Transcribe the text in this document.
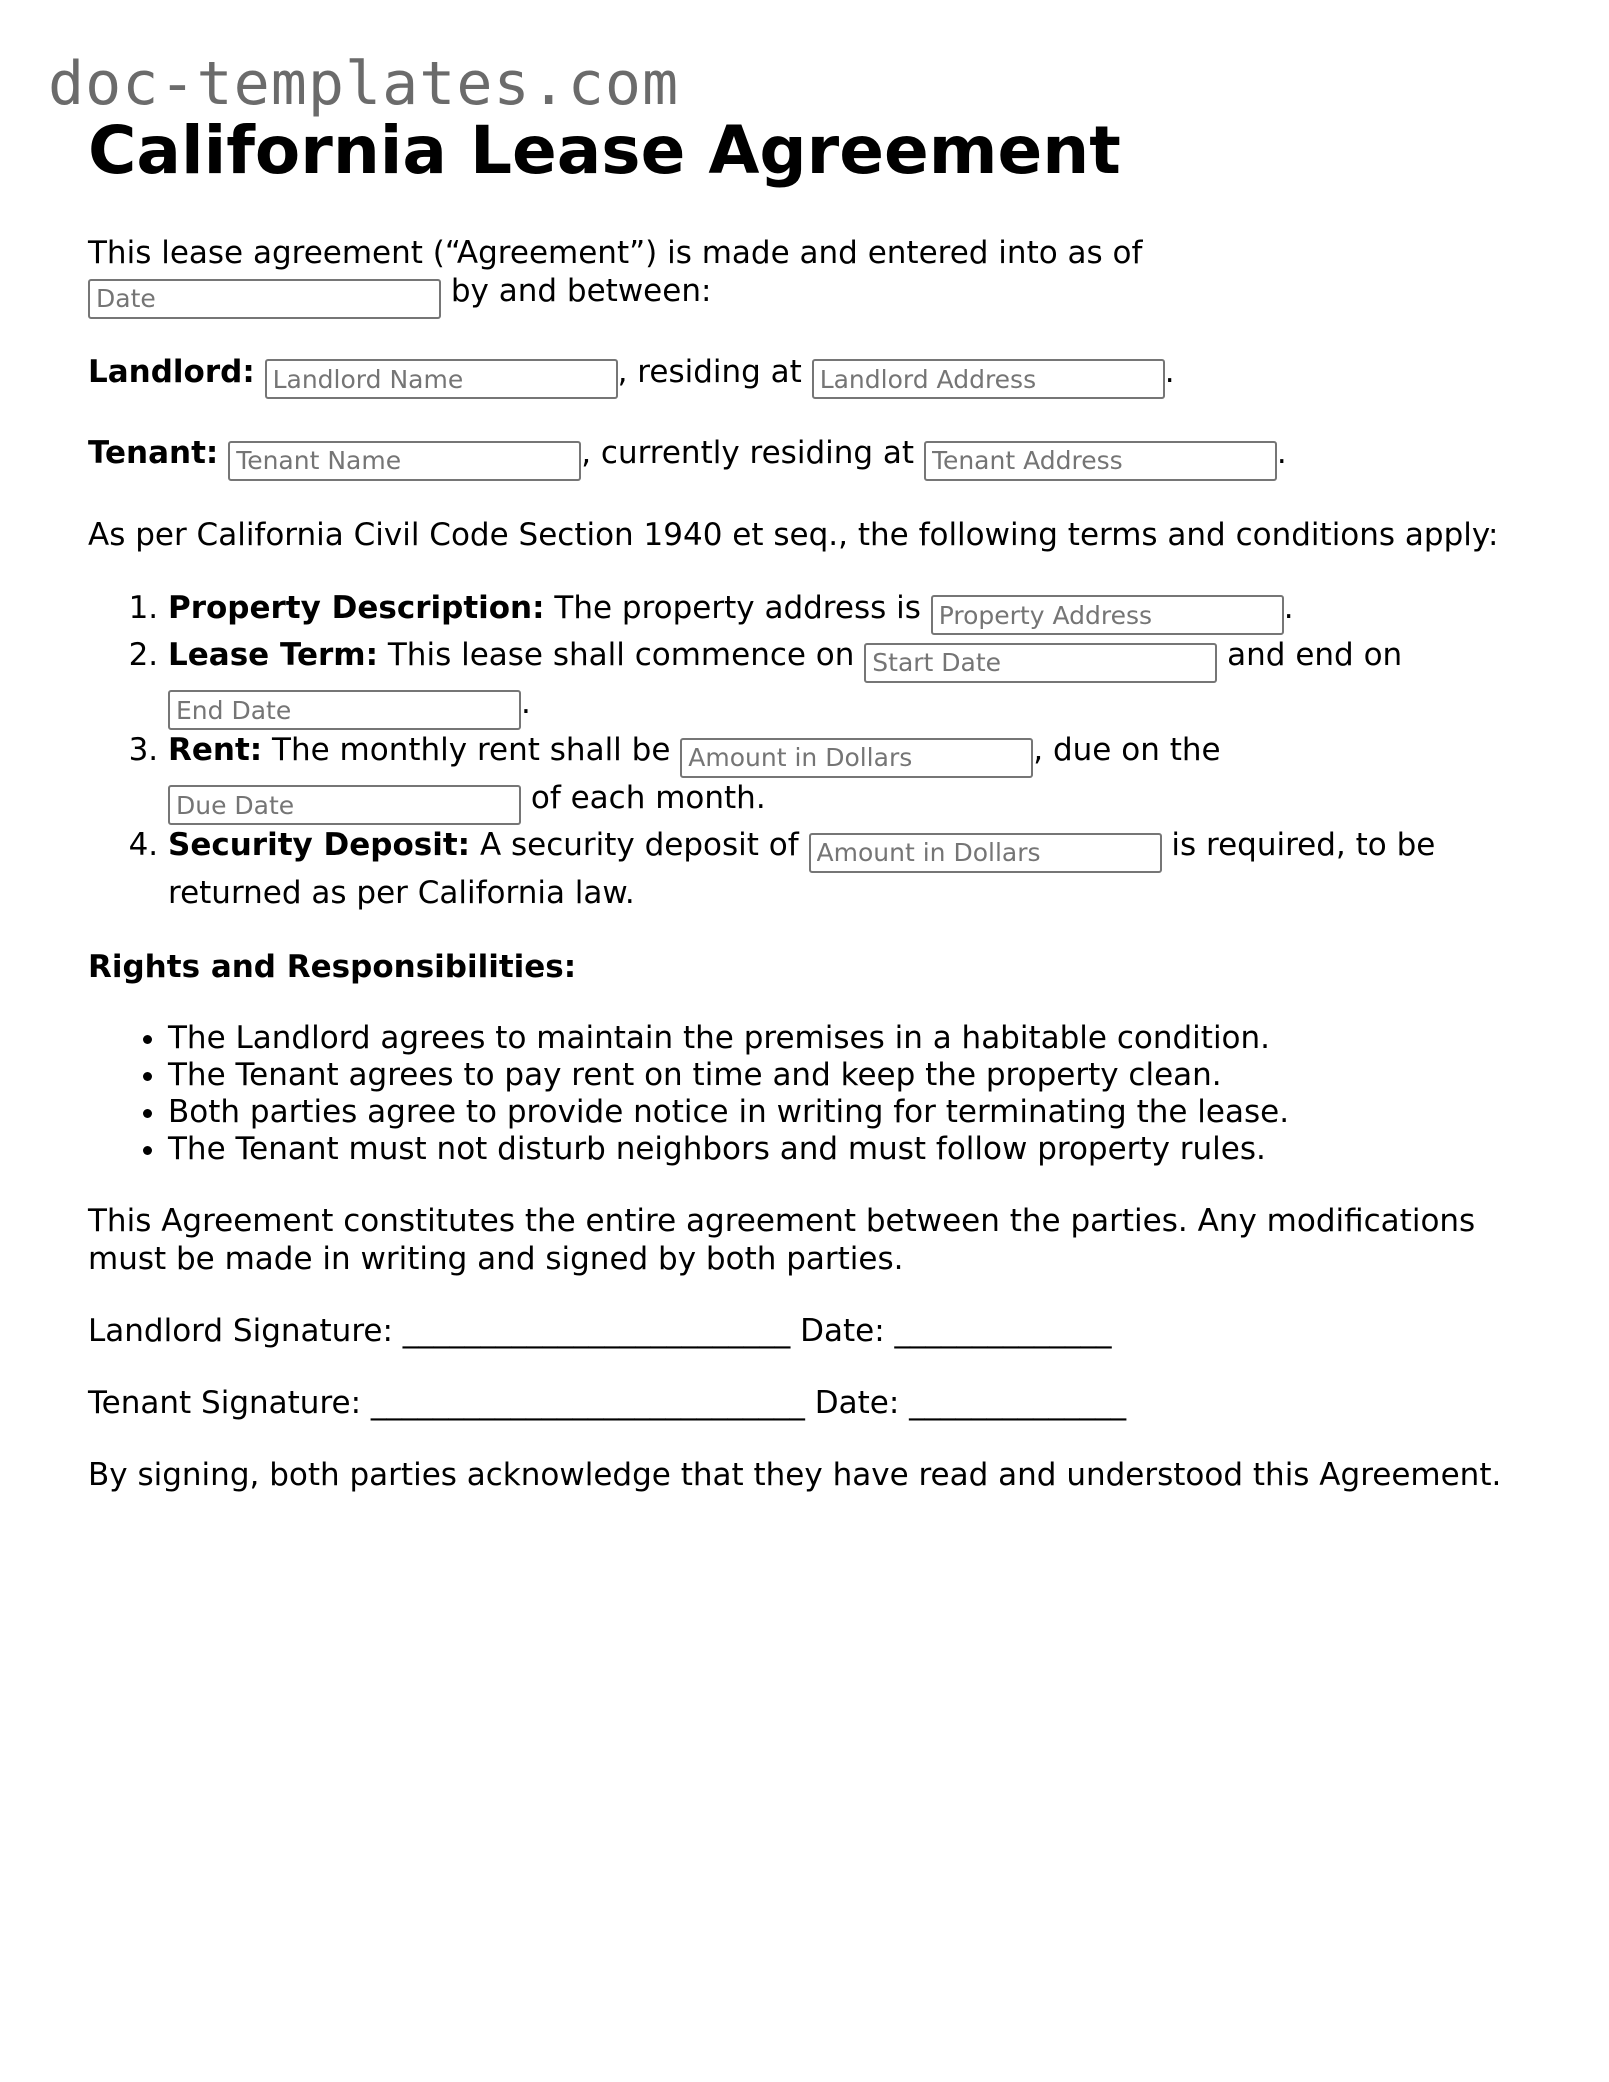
doc-templates.com
California Lease Agreement

This lease agreement (“Agreement”) is made and entered into as of
Date by and between:

Landlord: Landlord Name	, residing at Landlord Address	.

Tenant: Tenant Name	, currently residing at Tenant Address	.

As per California Civil Code Section 1940 et seq., the following terms and conditions apply:

1. Property Description: The property address is Property Address	.
2. Lease Term: This lease shall commence on Start Date	and end on
End Date.
3. Rent: The monthly rent shall be Amount in Dollars	, due on the
Due Date of each month.
4. Security Deposit: A security deposit of Amount in Dollars	is required, to be returned as per California law.
Rights and Responsibilities:
• The Landlord agrees to maintain the premises in a habitable condition.
• The Tenant agrees to pay rent on time and keep the property clean.
• Both parties agree to provide notice in writing for terminating the lease.
• The Tenant must not disturb neighbors and must follow property rules.

This Agreement constitutes the entire agreement between the parties. Any modifications must be made in writing and signed by both parties.

Landlord Signature: _________________________ Date: ______________

Tenant Signature: ____________________________ Date: ______________

By signing, both parties acknowledge that they have read and understood this Agreement.
